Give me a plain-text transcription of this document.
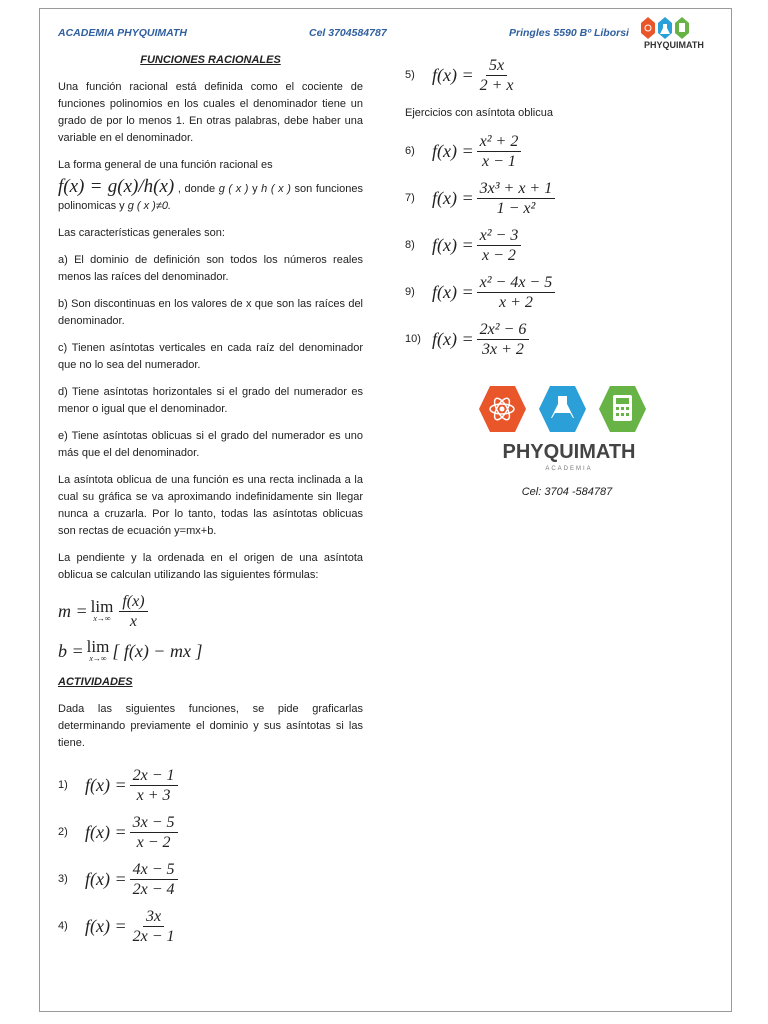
ACADEMIA PHYQUIMATH	Cel 3704584787	Pringles 5590 Bº Liborsi
PHYQUIMATH
FUNCIONES RACIONALES
Una función racional está definida como el cociente de funciones polinomios en los cuales el denominador tiene un grado de por lo menos 1. En otras palabras, debe haber una variable en el denominador.
La forma general de una función racional es
f(x) = g(x)/h(x) , donde g ( x ) y h ( x ) son funciones polinomicas y g ( x )≠0.
Las características generales son:
a) El dominio de definición son todos los números reales menos las raíces del denominador.
b) Son discontinuas en los valores de x que son las raíces del denominador.
c) Tienen asíntotas verticales en cada raíz del denominador que no lo sea del numerador.
d) Tiene asíntotas horizontales si el grado del numerador es menor o igual que el denominador.
e) Tiene asíntotas oblicuas si el grado del numerador es uno más que el del denominador.
La asíntota oblicua de una función es una recta inclinada a la cual su gráfica se va aproximando indefinidamente sin llegar nunca a cruzarla. Por lo tanto, todas las asíntotas oblicuas son rectas de ecuación y=mx+b.
La pendiente y la ordenada en el origen de una asíntota oblicua se calculan utilizando las siguientes fórmulas:
m = lim
$x\to\infty \frac{f(x)}{x}$
b = lim
x→∞ [ f(x) − mx ]
ACTIVIDADES
Dada las siguientes funciones, se pide graficarlas determinando previamente el dominio y sus asíntotas si las tiene.
1) $f(x) = \frac{2x - 1}{x + 3}$
2) $f(x) = \frac{3x - 5}{x - 2}$
3) $f(x) = \frac{4x - 5}{2x - 4}$
4) $f(x) = \frac{3x}{2x - 1}$
5) $f(x) = \frac{5x}{2 + x}$
Ejercicios con asíntota oblicua
6) $f(x) = \frac{\text{x² + 2}}{x - 1}$
7) $f(x) = \frac{\text{3x³ + x + 1}}{\text{1 − x²}}$
8) $f(x) = \frac{\text{x² − 3}}{x - 2}$
9) $f(x) = \frac{\text{x² − 4x − 5}}{x + 2}$
10) $f(x) = \frac{\text{2x² − 6}}{3x + 2}$
PHYQUIMATH
ACADEMIA
Cel: 3704 -584787
